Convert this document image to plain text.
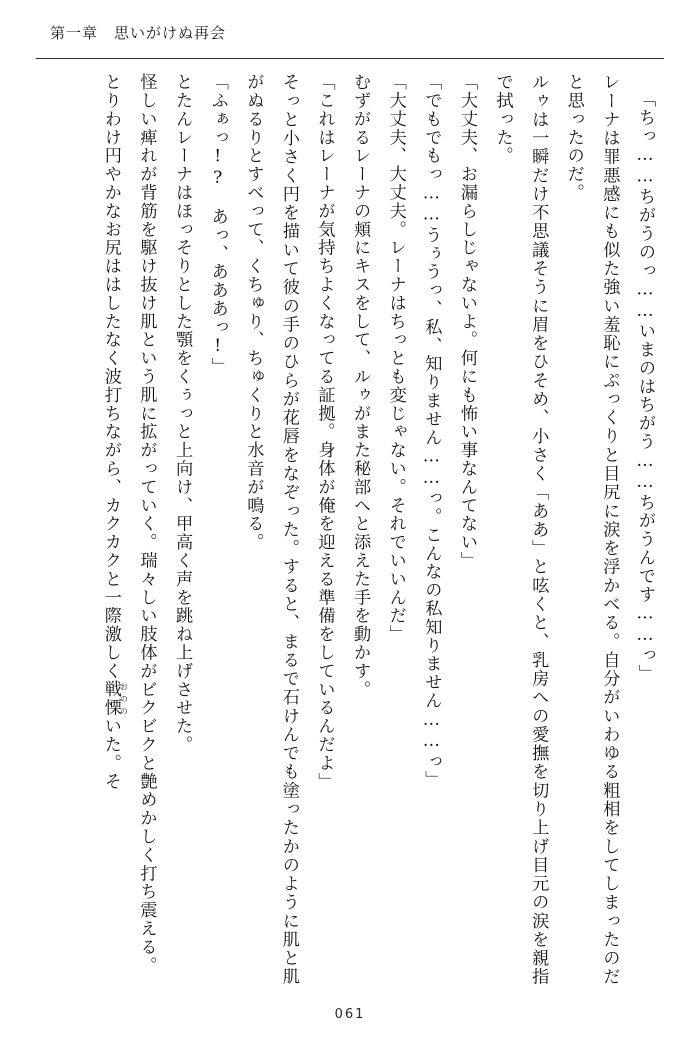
第一章　思いがけぬ再会

「ちっ……ちがうのっ……いまのはちがう……ちがうんです……っ」

レーナは罪悪感にも似た強い羞恥にぷっくりと目尻に涙を浮かべる。自分がいわゆる粗相をしてしまったのだと思ったのだ。

ルゥは一瞬だけ不思議そうに眉をひそめ、小さく「ああ」と呟くと、乳房への愛撫を切り上げ目元の涙を親指で拭った。

「大丈夫、お漏らしじゃないよ。何にも怖い事なんてない」

「でもでもっ……うぅうっ、私、知りません……っ。こんなの私知りません……っ」

「大丈夫、大丈夫。レーナはちっとも変じゃない。それでいいんだ」

むずがるレーナの頬にキスをして、ルゥがまた秘部へと添えた手を動かす。

「これはレーナが気持ちよくなってる証拠。身体が俺を迎える準備をしているんだよ」

そっと小さく円を描いて彼の手のひらが花唇をなぞった。すると、まるで石けんでも塗ったかのように肌と肌がぬるりとすべって、くちゅり、ちゅくりと水音が鳴る。

「ふぁっ!?　あっ、あああっ!」

とたんレーナはほっそりとした顎をくぅっと上向け、甲高く声を跳ね上げさせた。

怪しい痺れが背筋を駆け抜け肌という肌に拡がっていく。瑞々しい肢体がビクビクと艶めかしく打ち震える。

とりわけ円やかなお尻ははしたなく波打ちながら、カクカクと一際激しく戦慄おののいた。そ

061
